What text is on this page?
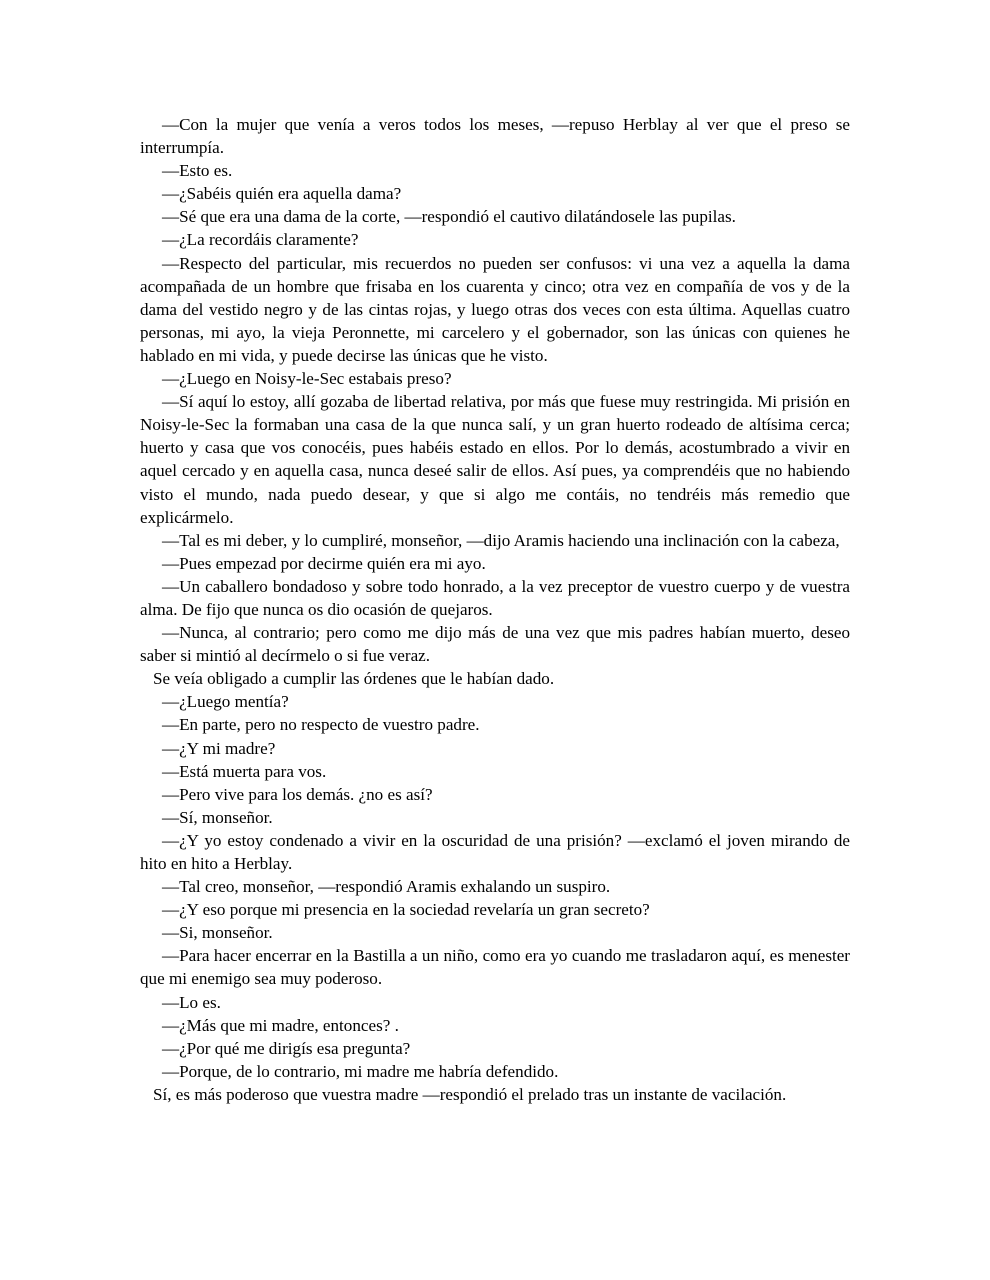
—Con la mujer que venía a veros todos los meses, —repuso Herblay al ver que el preso se interrumpía.

—Esto es.

—¿Sabéis quién era aquella dama?

—Sé que era una dama de la corte, —respondió el cautivo dilatándosele las pupilas.

—¿La recordáis claramente?

—Respecto del particular, mis recuerdos no pueden ser confusos: vi una vez a aquella la dama acompañada de un hombre que frisaba en los cuarenta y cinco; otra vez en compañía de vos y de la dama del vestido negro y de las cintas rojas, y luego otras dos veces con esta última. Aquellas cuatro personas, mi ayo, la vieja Peronnette, mi carcelero y el gobernador, son las únicas con quienes he hablado en mi vida, y puede decirse las únicas que he visto.

—¿Luego en Noisy-le-Sec estabais preso?

—Sí aquí lo estoy, allí gozaba de libertad relativa, por más que fuese muy restringida. Mi prisión en Noisy-le-Sec la formaban una casa de la que nunca salí, y un gran huerto rodeado de altísima cerca; huerto y casa que vos conocéis, pues habéis estado en ellos. Por lo demás, acostumbrado a vivir en aquel cercado y en aquella casa, nunca deseé salir de ellos. Así pues, ya comprendéis que no habiendo visto el mundo, nada puedo desear, y que si algo me contáis, no tendréis más remedio que explicármelo.

—Tal es mi deber, y lo cumpliré, monseñor, —dijo Aramis haciendo una inclinación con la cabeza,

—Pues empezad por decirme quién era mi ayo.

—Un caballero bondadoso y sobre todo honrado, a la vez preceptor de vuestro cuerpo y de vuestra alma. De fijo que nunca os dio ocasión de quejaros.

—Nunca, al contrario; pero como me dijo más de una vez que mis padres habían muerto, deseo saber si mintió al decírmelo o si fue veraz.

Se veía obligado a cumplir las órdenes que le habían dado.

—¿Luego mentía?

—En parte, pero no respecto de vuestro padre.

—¿Y mi madre?

—Está muerta para vos.

—Pero vive para los demás. ¿no es así?

—Sí, monseñor.

—¿Y yo estoy condenado a vivir en la oscuridad de una prisión? —exclamó el joven mirando de hito en hito a Herblay.

—Tal creo, monseñor, —respondió Aramis exhalando un suspiro.

—¿Y eso porque mi presencia en la sociedad revelaría un gran secreto?

—Si, monseñor.

—Para hacer encerrar en la Bastilla a un niño, como era yo cuando me trasladaron aquí, es menester que mi enemigo sea muy poderoso.

—Lo es.

—¿Más que mi madre, entonces? .

—¿Por qué me dirigís esa pregunta?

—Porque, de lo contrario, mi madre me habría defendido.

Sí, es más poderoso que vuestra madre —respondió el prelado tras un instante de vacilación.
